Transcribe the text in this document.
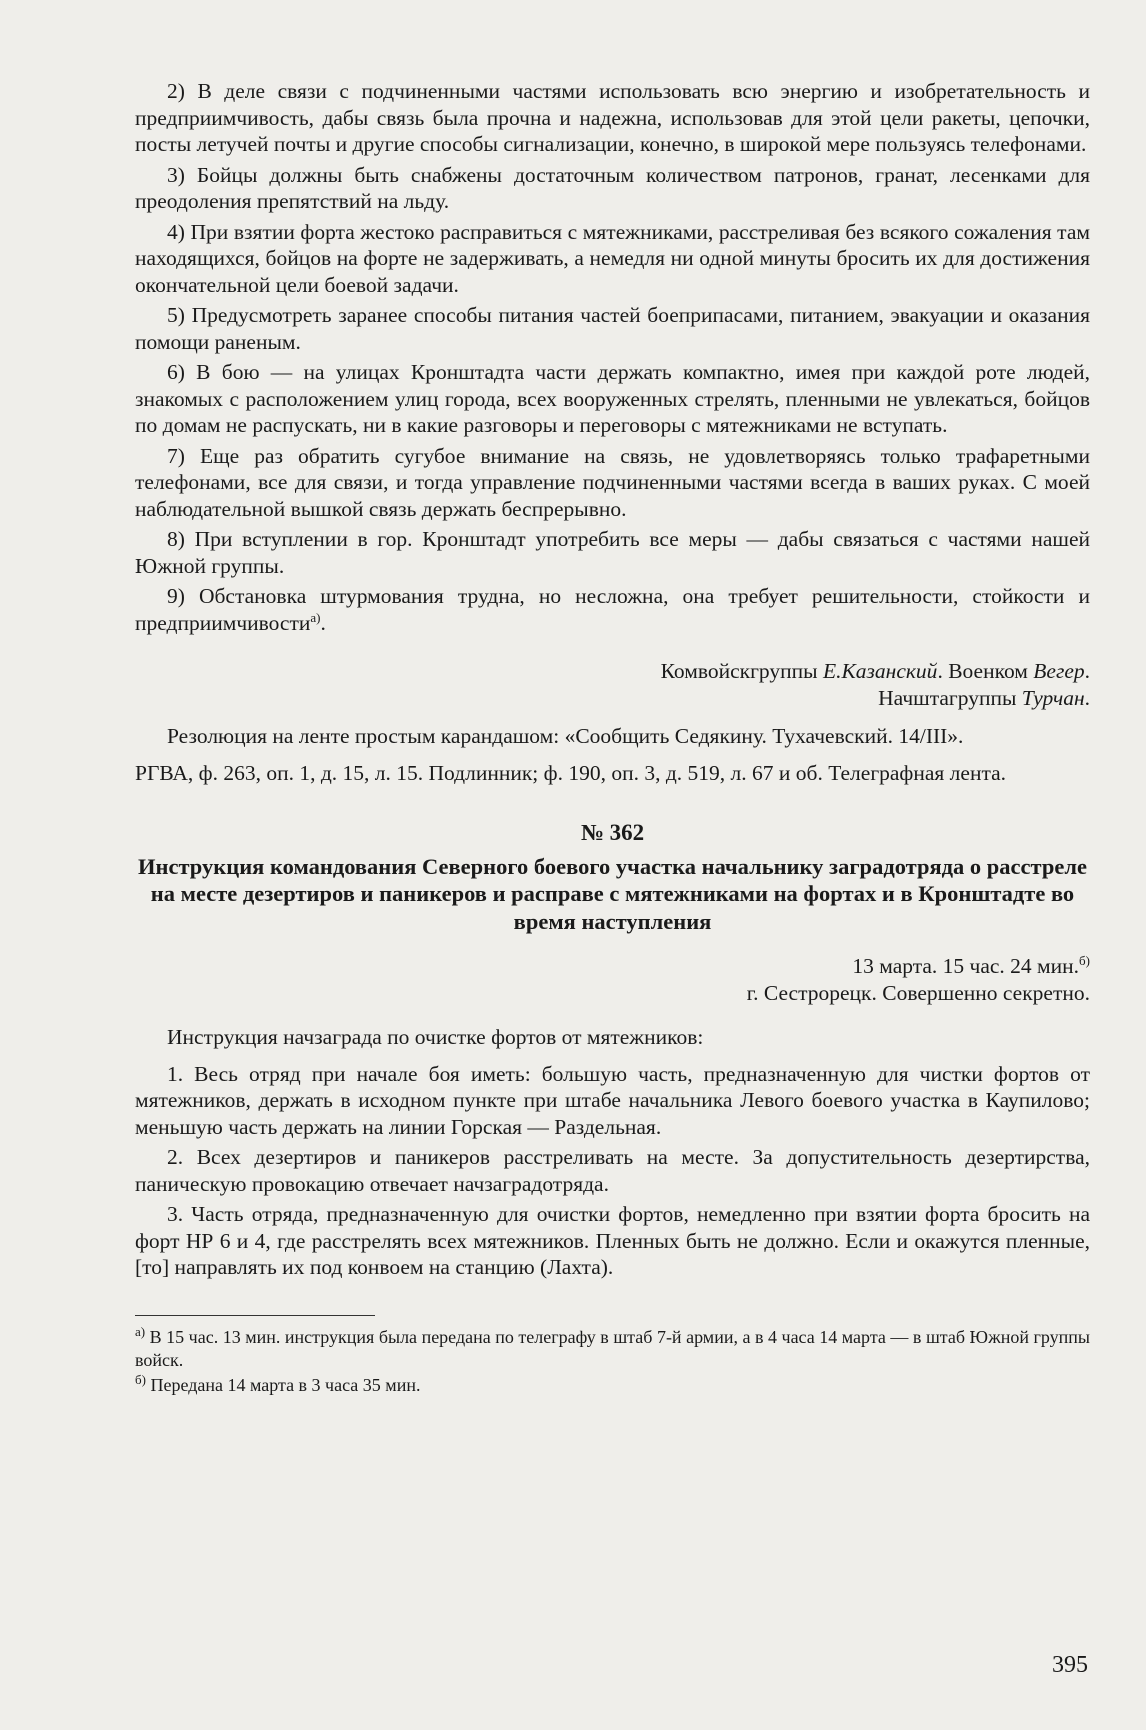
2) В деле связи с подчиненными частями использовать всю энергию и изобретательность и предприимчивость, дабы связь была прочна и надежна, использовав для этой цели ракеты, цепочки, посты летучей почты и другие способы сигнализации, конечно, в широкой мере пользуясь телефонами.

3) Бойцы должны быть снабжены достаточным количеством патронов, гранат, лесенками для преодоления препятствий на льду.

4) При взятии форта жестоко расправиться с мятежниками, расстреливая без всякого сожаления там находящихся, бойцов на форте не задерживать, а немедля ни одной минуты бросить их для достижения окончательной цели боевой задачи.

5) Предусмотреть заранее способы питания частей боеприпасами, питанием, эвакуации и оказания помощи раненым.

6) В бою — на улицах Кронштадта части держать компактно, имея при каждой роте людей, знакомых с расположением улиц города, всех вооруженных стрелять, пленными не увлекаться, бойцов по домам не распускать, ни в какие разговоры и переговоры с мятежниками не вступать.

7) Еще раз обратить сугубое внимание на связь, не удовлетворяясь только трафаретными телефонами, все для связи, и тогда управление подчиненными частями всегда в ваших руках. С моей наблюдательной вышкой связь держать беспрерывно.

8) При вступлении в гор. Кронштадт употребить все меры — дабы связаться с частями нашей Южной группы.

9) Обстановка штурмования трудна, но несложна, она требует решительности, стойкости и предприимчивости$^{а)}$.

Комвойскгруппы Е.Казанский. Военком Вегер.

Начштагруппы Турчан.

Резолюция на ленте простым карандашом: «Сообщить Седякину. Тухачевский. 14/III».

РГВА, ф. 263, оп. 1, д. 15, л. 15. Подлинник; ф. 190, оп. 3, д. 519, л. 67 и об. Телеграфная лента.

№ 362
Инструкция командования Северного боевого участка начальнику заградотряда о расстреле на месте дезертиров и паникеров и расправе с мятежниками на фортах и в Кронштадте во время наступления

13 марта. 15 час. 24 мин.$^{б)}$

г. Сестрорецк. Совершенно секретно.

Инструкция начзаграда по очистке фортов от мятежников:

1. Весь отряд при начале боя иметь: большую часть, предназначенную для чистки фортов от мятежников, держать в исходном пункте при штабе начальника Левого боевого участка в Каупилово; меньшую часть держать на линии Горская — Раздельная.

2. Всех дезертиров и паникеров расстреливать на месте. За допустительность дезертирства, паническую провокацию отвечает начзаградотряда.

3. Часть отряда, предназначенную для очистки фортов, немедленно при взятии форта бросить на форт НР 6 и 4, где расстрелять всех мятежников. Пленных быть не должно. Если и окажутся пленные, [то] направлять их под конвоем на станцию (Лахта).

$^{а)}$ В 15 час. 13 мин. инструкция была передана по телеграфу в штаб 7-й армии, а в 4 часа 14 марта — в штаб Южной группы войск.

$^{б)}$ Передана 14 марта в 3 часа 35 мин.

395
